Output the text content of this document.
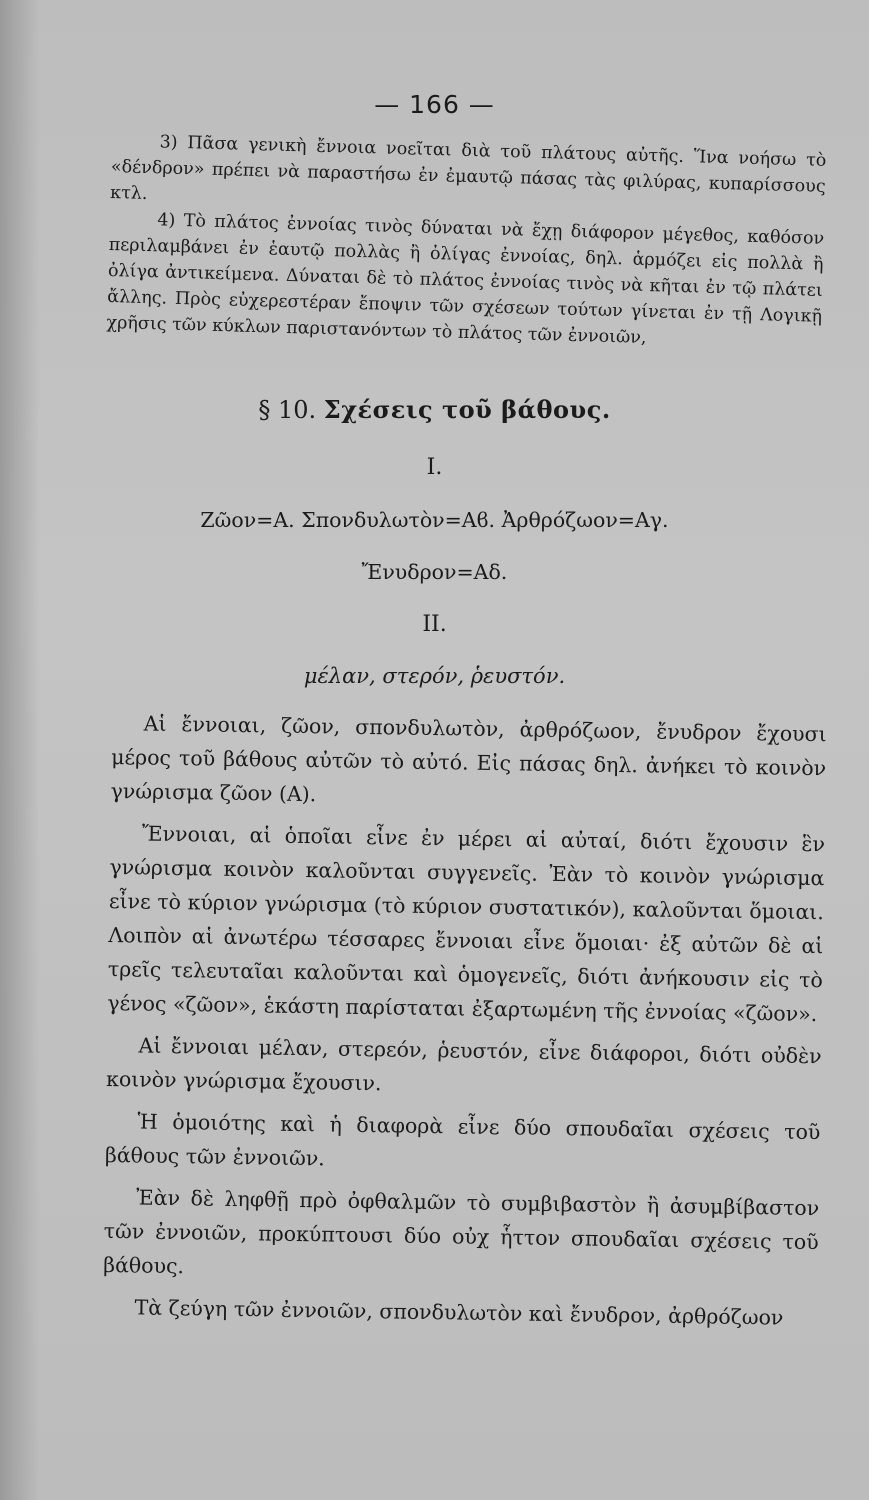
— 166 —

3) Πᾶσα γενικὴ ἔννοια νοεῖται διὰ τοῦ πλάτους αὐτῆς. Ἵνα νοήσω τὸ «δένδρον» πρέπει νὰ παραστήσω ἐν ἐμαυτῷ πάσας τὰς φιλύρας, κυπαρίσσους κτλ.

4) Τὸ πλάτος ἐννοίας τινὸς δύναται νὰ ἔχῃ διάφορον μέγεθος, καθόσον περιλαμβάνει ἐν ἑαυτῷ πολλὰς ἢ ὀλίγας ἐννοίας, δηλ. ἁρμόζει εἰς πολλὰ ἢ ὀλίγα ἀντικείμενα. Δύναται δὲ τὸ πλάτος ἐννοίας τινὸς νὰ κῆται ἐν τῷ πλάτει ἄλλης. Πρὸς εὐχερεστέραν ἔποψιν τῶν σχέσεων τούτων γίνεται ἐν τῇ Λογικῇ χρῆσις τῶν κύκλων παριστανόντων τὸ πλάτος τῶν ἐννοιῶν,

§ 10. Σχέσεις τοῦ βάθους.
I.
Ζῶον=Α. Σπονδυλωτὸν=Αϐ. Ἀρθρόζωον=Αγ.
Ἔνυδρον=Αδ.
II.
μέλαν, στερόν, ῥευστόν.

Αἱ ἔννοιαι, ζῶον, σπονδυλωτὸν, ἀρθρόζωον, ἔνυδρον ἔχουσι μέρος τοῦ βάθους αὐτῶν τὸ αὐτό. Εἰς πάσας δηλ. ἀνήκει τὸ κοινὸν γνώρισμα ζῶον (Α).

Ἔννοιαι, αἱ ὁποῖαι εἶνε ἐν μέρει αἱ αὐταί, διότι ἔχουσιν ἓν γνώρισμα κοινὸν καλοῦνται συγγενεῖς. Ἐὰν τὸ κοινὸν γνώρισμα εἶνε τὸ κύριον γνώρισμα (τὸ κύριον συστατικόν), καλοῦνται ὅμοιαι. Λοιπὸν αἱ ἀνωτέρω τέσσαρες ἔννοιαι εἶνε ὅμοιαι· ἐξ αὐτῶν δὲ αἱ τρεῖς τελευταῖαι καλοῦνται καὶ ὁμογενεῖς, διότι ἀνήκουσιν εἰς τὸ γένος «ζῶον», ἑκάστη παρίσταται ἐξαρτωμένη τῆς ἐννοίας «ζῶον».

Αἱ ἔννοιαι μέλαν, στερεόν, ῥευστόν, εἶνε διάφοροι, διότι οὐδὲν κοινὸν γνώρισμα ἔχουσιν.

Ἡ ὁμοιότης καὶ ἡ διαφορὰ εἶνε δύο σπουδαῖαι σχέσεις τοῦ βάθους τῶν ἐννοιῶν.

Ἐὰν δὲ ληφθῇ πρὸ ὀφθαλμῶν τὸ συμβιβαστὸν ἢ ἀσυμβίβαστον τῶν ἐννοιῶν, προκύπτουσι δύο οὐχ ἧττον σπουδαῖαι σχέσεις τοῦ βάθους.

Τὰ ζεύγη τῶν ἐννοιῶν, σπονδυλωτὸν καὶ ἔνυδρον, ἀρθρόζωον
